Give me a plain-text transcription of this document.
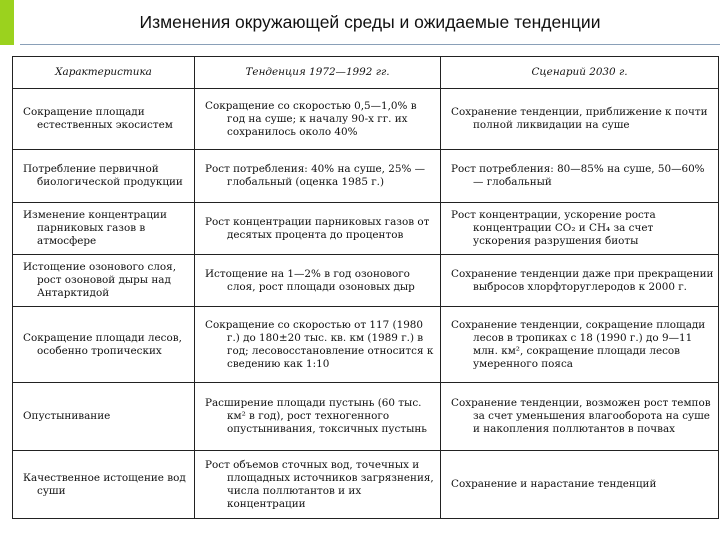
Изменения окружающей среды и ожидаемые тенденции
Характеристика	Тенденция 1972—1992 гг.	Сценарий 2030 г.

Сокращение площади естественных экосистем	Сокращение со скоростью 0,5—1,0% в год на суше; к началу 90-х гг. их сохранилось около 40%	Сохранение тенденции, приближение к почти полной ликвидации на суше

Потребление первичной биологической продукции	Рост потребления: 40% на суше, 25% — глобальный (оценка 1985 г.)	Рост потребления: 80—85% на суше, 50—60% — глобальный

Изменение концентрации парниковых газов в атмосфере	Рост концентрации парниковых газов от десятых процента до процентов	Рост концентрации, ускорение роста концентрации CO₂ и CH₄ за счет ускорения разрушения биоты

Истощение озонового слоя, рост озоновой дыры над Антарктидой	Истощение на 1—2% в год озонового слоя, рост площади озоновых дыр	Сохранение тенденции даже при прекращении выбросов хлорфторуглеродов к 2000 г.

Сокращение площади лесов, особенно тропических	Сокращение со скоростью от 117 (1980 г.) до 180±20 тыс. кв. км (1989 г.) в год; лесовосстановление относится к сведению как 1:10	Сохранение тенденции, сокращение площади лесов в тропиках с 18 (1990 г.) до 9—11 млн. км², сокращение площади лесов умеренного пояса

Опустынивание	Расширение площади пустынь (60 тыс. км² в год), рост техногенного опустынивания, токсичных пустынь	Сохранение тенденции, возможен рост темпов за счет уменьшения влагооборота на суше и накопления поллютантов в почвах

Качественное истощение вод суши	Рост объемов сточных вод, точечных и площадных источников загрязнения, числа поллютантов и их концентрации	Сохранение и нарастание тенденций
